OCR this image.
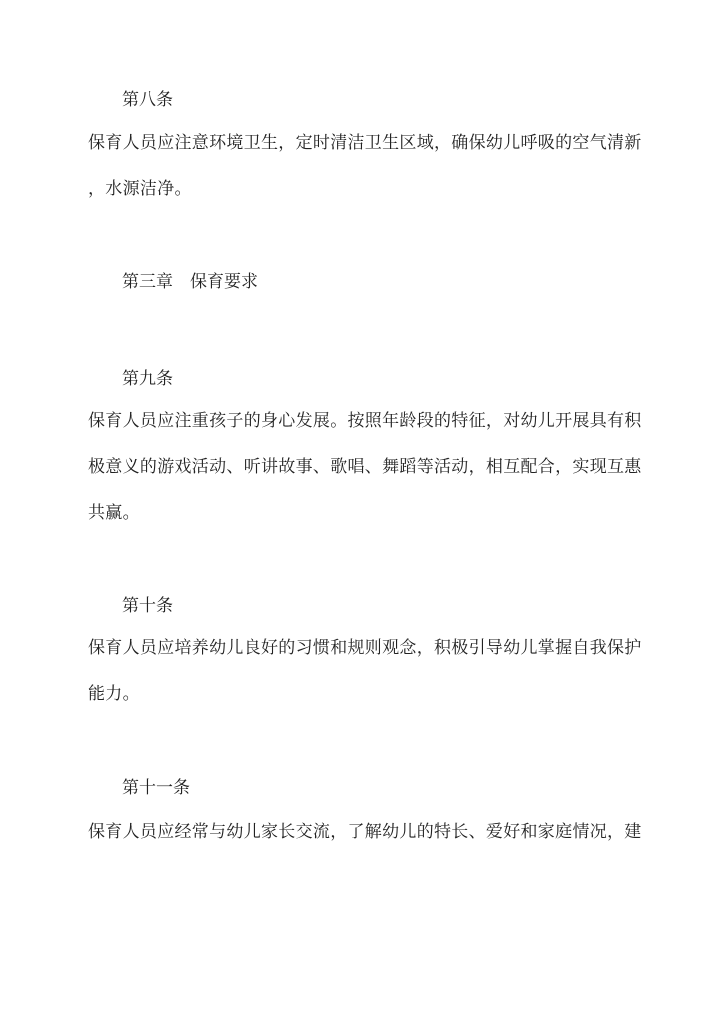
第八条
保育人员应注意环境卫生，定时清洁卫生区域，确保幼儿呼吸的空气清新
，水源洁净。
第三章　保育要求
第九条
保育人员应注重孩子的身心发展。按照年龄段的特征，对幼儿开展具有积
极意义的游戏活动、听讲故事、歌唱、舞蹈等活动，相互配合，实现互惠
共赢。
第十条
保育人员应培养幼儿良好的习惯和规则观念，积极引导幼儿掌握自我保护
能力。
第十一条
保育人员应经常与幼儿家长交流，了解幼儿的特长、爱好和家庭情况，建
